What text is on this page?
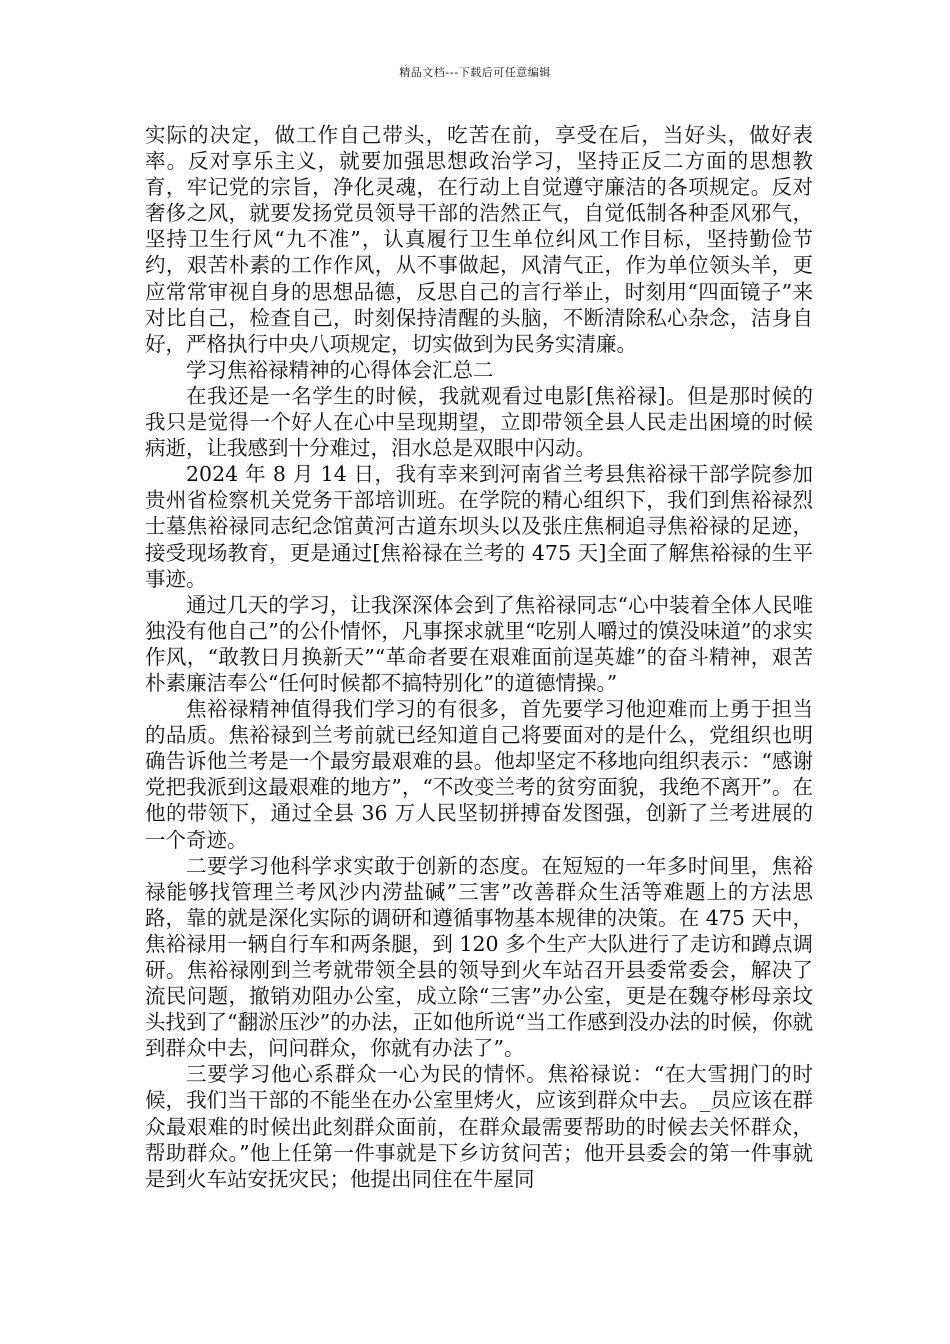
精品文档---下载后可任意编辑

实际的决定，做工作自己带头，吃苦在前，享受在后，当好头，做好表率。反对享乐主义，就要加强思想政治学习，坚持正反二方面的思想教育，牢记党的宗旨，净化灵魂，在行动上自觉遵守廉洁的各项规定。反对奢侈之风，就要发扬党员领导干部的浩然正气，自觉低制各种歪风邪气，坚持卫生行风“九不准”，认真履行卫生单位纠风工作目标，坚持勤俭节约，艰苦朴素的工作作风，从不事做起，风清气正，作为单位领头羊，更应常常审视自身的思想品德，反思自己的言行举止，时刻用“四面镜子”来对比自己，检查自己，时刻保持清醒的头脑，不断清除私心杂念，洁身自好，严格执行中央八项规定，切实做到为民务实清廉。

学习焦裕禄精神的心得体会汇总二

在我还是一名学生的时候，我就观看过电影[焦裕禄]。但是那时候的我只是觉得一个好人在心中呈现期望，立即带领全县人民走出困境的时候病逝，让我感到十分难过，泪水总是双眼中闪动。

2024 年 8 月 14 日，我有幸来到河南省兰考县焦裕禄干部学院参加贵州省检察机关党务干部培训班。在学院的精心组织下，我们到焦裕禄烈士墓焦裕禄同志纪念馆黄河古道东坝头以及张庄焦桐追寻焦裕禄的足迹，接受现场教育，更是通过[焦裕禄在兰考的 475 天]全面了解焦裕禄的生平事迹。

通过几天的学习，让我深深体会到了焦裕禄同志“心中装着全体人民唯独没有他自己”的公仆情怀，凡事探求就里“吃别人嚼过的馍没味道”的求实作风，“敢教日月换新天”“革命者要在艰难面前逞英雄”的奋斗精神，艰苦朴素廉洁奉公“任何时候都不搞特别化”的道德情操。”

焦裕禄精神值得我们学习的有很多，首先要学习他迎难而上勇于担当的品质。焦裕禄到兰考前就已经知道自己将要面对的是什么，党组织也明确告诉他兰考是一个最穷最艰难的县。他却坚定不移地向组织表示：“感谢党把我派到这最艰难的地方”，“不改变兰考的贫穷面貌，我绝不离开”。在他的带领下，通过全县 36 万人民坚韧拼搏奋发图强，创新了兰考进展的一个奇迹。

二要学习他科学求实敢于创新的态度。在短短的一年多时间里，焦裕禄能够找管理兰考风沙内涝盐碱”三害”改善群众生活等难题上的方法思路，靠的就是深化实际的调研和遵循事物基本规律的决策。在 475 天中，焦裕禄用一辆自行车和两条腿，到 120 多个生产大队进行了走访和蹲点调研。焦裕禄刚到兰考就带领全县的领导到火车站召开县委常委会，解决了流民问题，撤销劝阻办公室，成立除“三害”办公室，更是在魏夺彬母亲坟头找到了“翻淤压沙”的办法，正如他所说“当工作感到没办法的时候，你就到群众中去，问问群众，你就有办法了”。

三要学习他心系群众一心为民的情怀。焦裕禄说：“在大雪拥门的时候，我们当干部的不能坐在办公室里烤火，应该到群众中去。_员应该在群众最艰难的时候出此刻群众面前，在群众最需要帮助的时候去关怀群众，帮助群众。”他上任第一件事就是下乡访贫问苦；他开县委会的第一件事就是到火车站安抚灾民；他提出同住在牛屋同
